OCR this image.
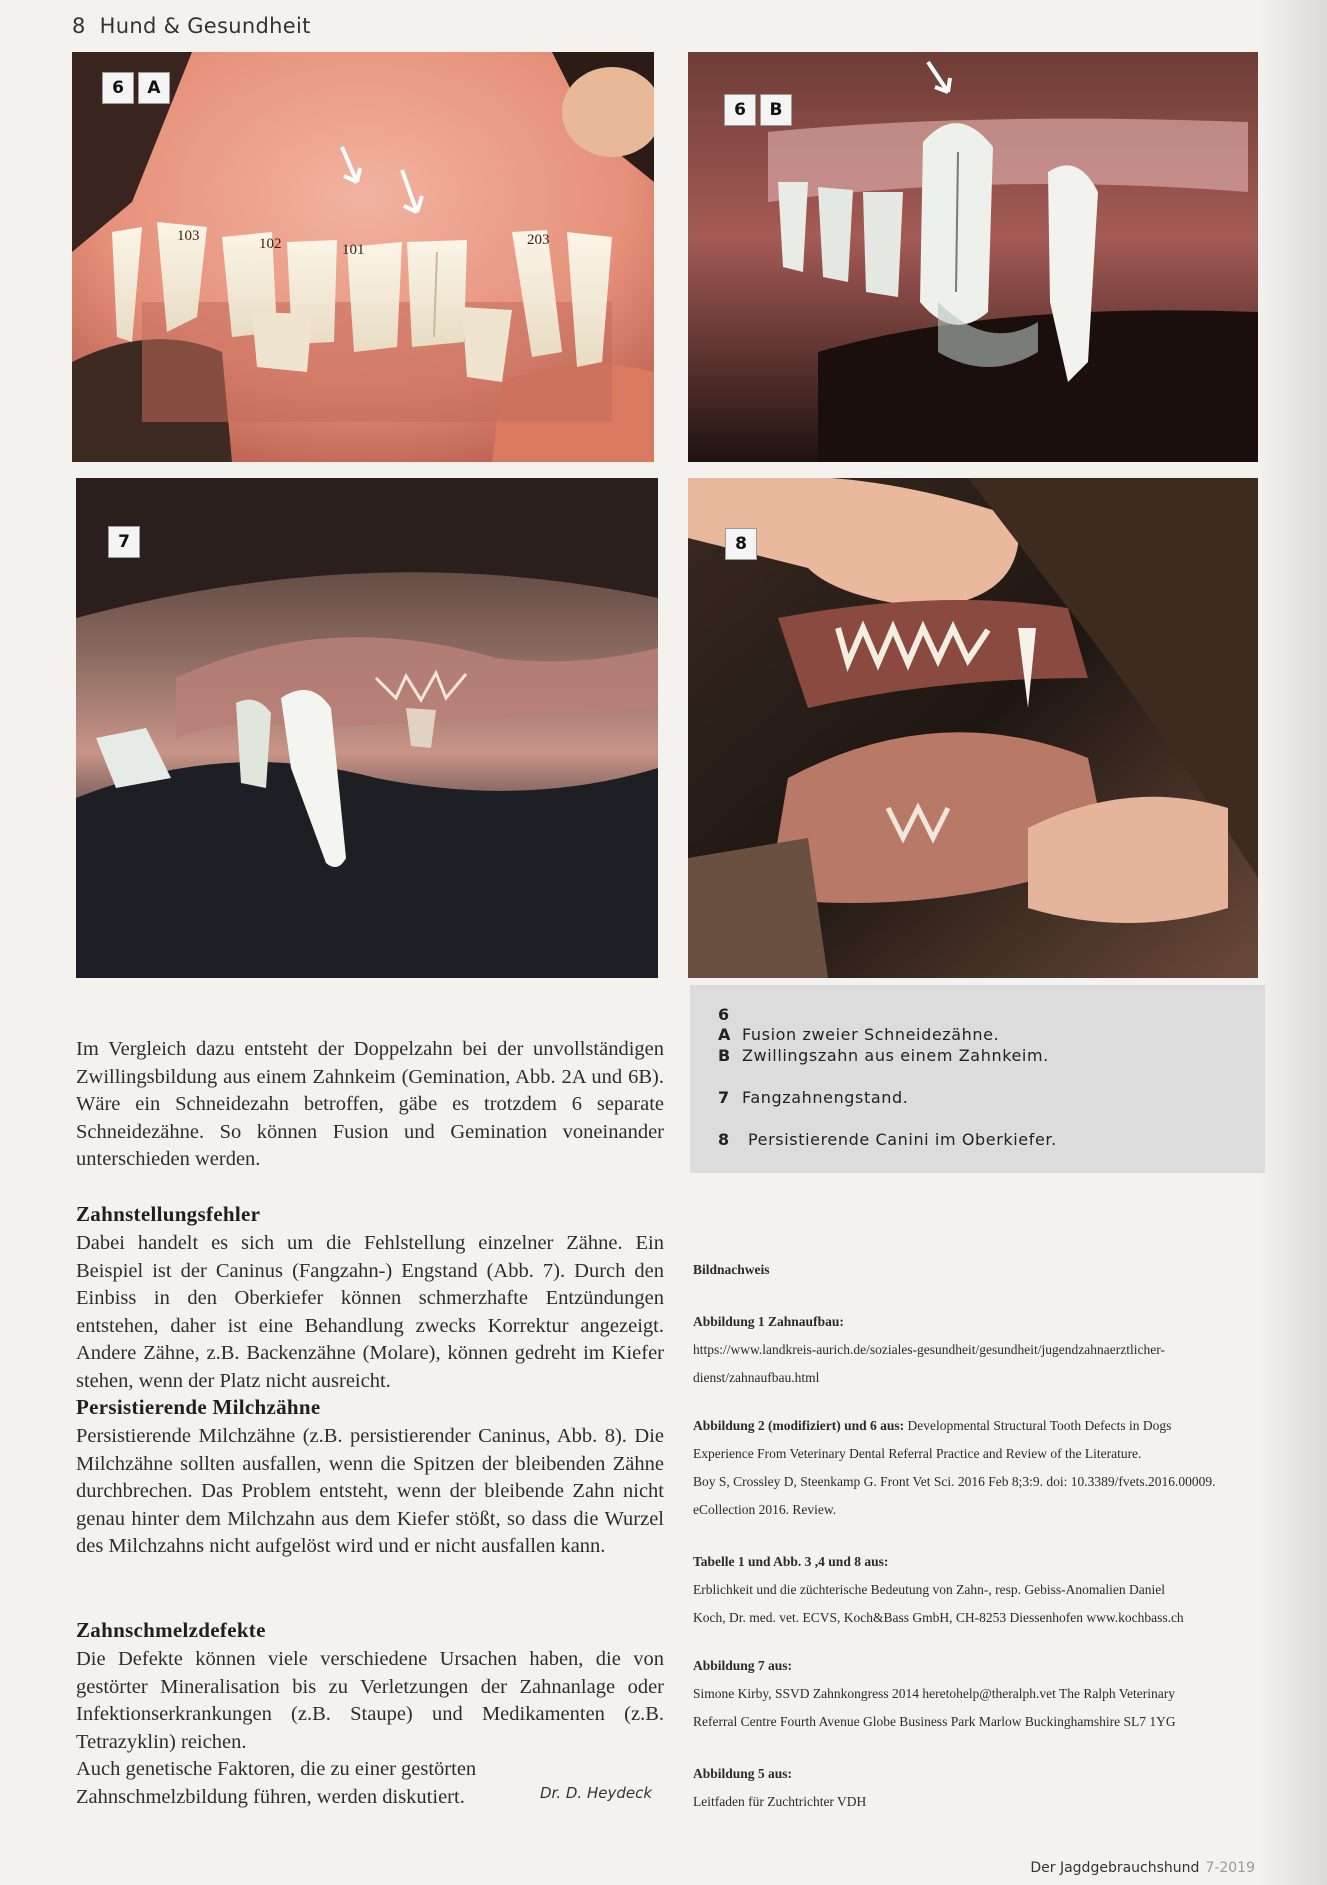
8 Hund & Gesundheit
6	A
103	102	101
203
6	B
7	8
6
A Fusion zweier Schneidezähne.
B Zwillingszahn aus einem Zahnkeim.
7 Fangzahnengstand.
8 Persistierende Canini im Oberkiefer.

Im Vergleich dazu entsteht der Doppelzahn bei der unvollständigen Zwillingsbildung aus einem Zahnkeim (Gemination, Abb. 2A und 6B). Wäre ein Schneidezahn betroffen, gäbe es trotzdem 6 separate Schneidezähne. So können Fusion und Gemination voneinander unterschieden werden.

Zahnstellungsfehler

Dabei handelt es sich um die Fehlstellung einzelner Zähne. Ein Beispiel ist der Caninus (Fangzahn-) Engstand (Abb. 7). Durch den Einbiss in den Oberkiefer können schmerzhafte Entzündungen entstehen, daher ist eine Behandlung zwecks Korrektur angezeigt. Andere Zähne, z.B. Backenzähne (Molare), können gedreht im Kiefer stehen, wenn der Platz nicht ausreicht.

Persistierende Milchzähne

Persistierende Milchzähne (z.B. persistierender Caninus, Abb. 8). Die Milchzähne sollten ausfallen, wenn die Spitzen der bleibenden Zähne durchbrechen. Das Problem entsteht, wenn der bleibende Zahn nicht genau hinter dem Milchzahn aus dem Kiefer stößt, so dass die Wurzel des Milchzahns nicht aufgelöst wird und er nicht ausfallen kann.

Zahnschmelzdefekte

Die Defekte können viele verschiedene Ursachen haben, die von gestörter Mineralisation bis zu Verletzungen der Zahnanlage oder Infektionserkrankungen (z.B. Staupe) und Medikamenten (z.B. Tetrazyklin) reichen.

Auch genetische Faktoren, die zu einer gestörten Zahnschmelzbildung führen, werden diskutiert.	Dr. D. Heydeck
Bildnachweis
Abbildung 1 Zahnaufbau:
https://www.landkreis-aurich.de/soziales-gesundheit/gesundheit/jugendzahnaerztlicher-
dienst/zahnaufbau.html
Abbildung 2 (modifiziert) und 6 aus: Developmental Structural Tooth Defects in Dogs
Experience From Veterinary Dental Referral Practice and Review of the Literature.
Boy S, Crossley D, Steenkamp G. Front Vet Sci. 2016 Feb 8;3:9. doi: 10.3389/fvets.2016.00009.
eCollection 2016. Review.
Tabelle 1 und Abb. 3 ,4 und 8 aus:
Erblichkeit und die züchterische Bedeutung von Zahn-, resp. Gebiss-Anomalien Daniel
Koch, Dr. med. vet. ECVS, Koch&Bass GmbH, CH-8253 Diessenhofen www.kochbass.ch
Abbildung 7 aus:
Simone Kirby, SSVD Zahnkongress 2014 heretohelp@theralph.vet The Ralph Veterinary
Referral Centre Fourth Avenue Globe Business Park Marlow Buckinghamshire SL7 1YG
Abbildung 5 aus:
Leitfaden für Zuchtrichter VDH
Der Jagdgebrauchshund 7-2019
